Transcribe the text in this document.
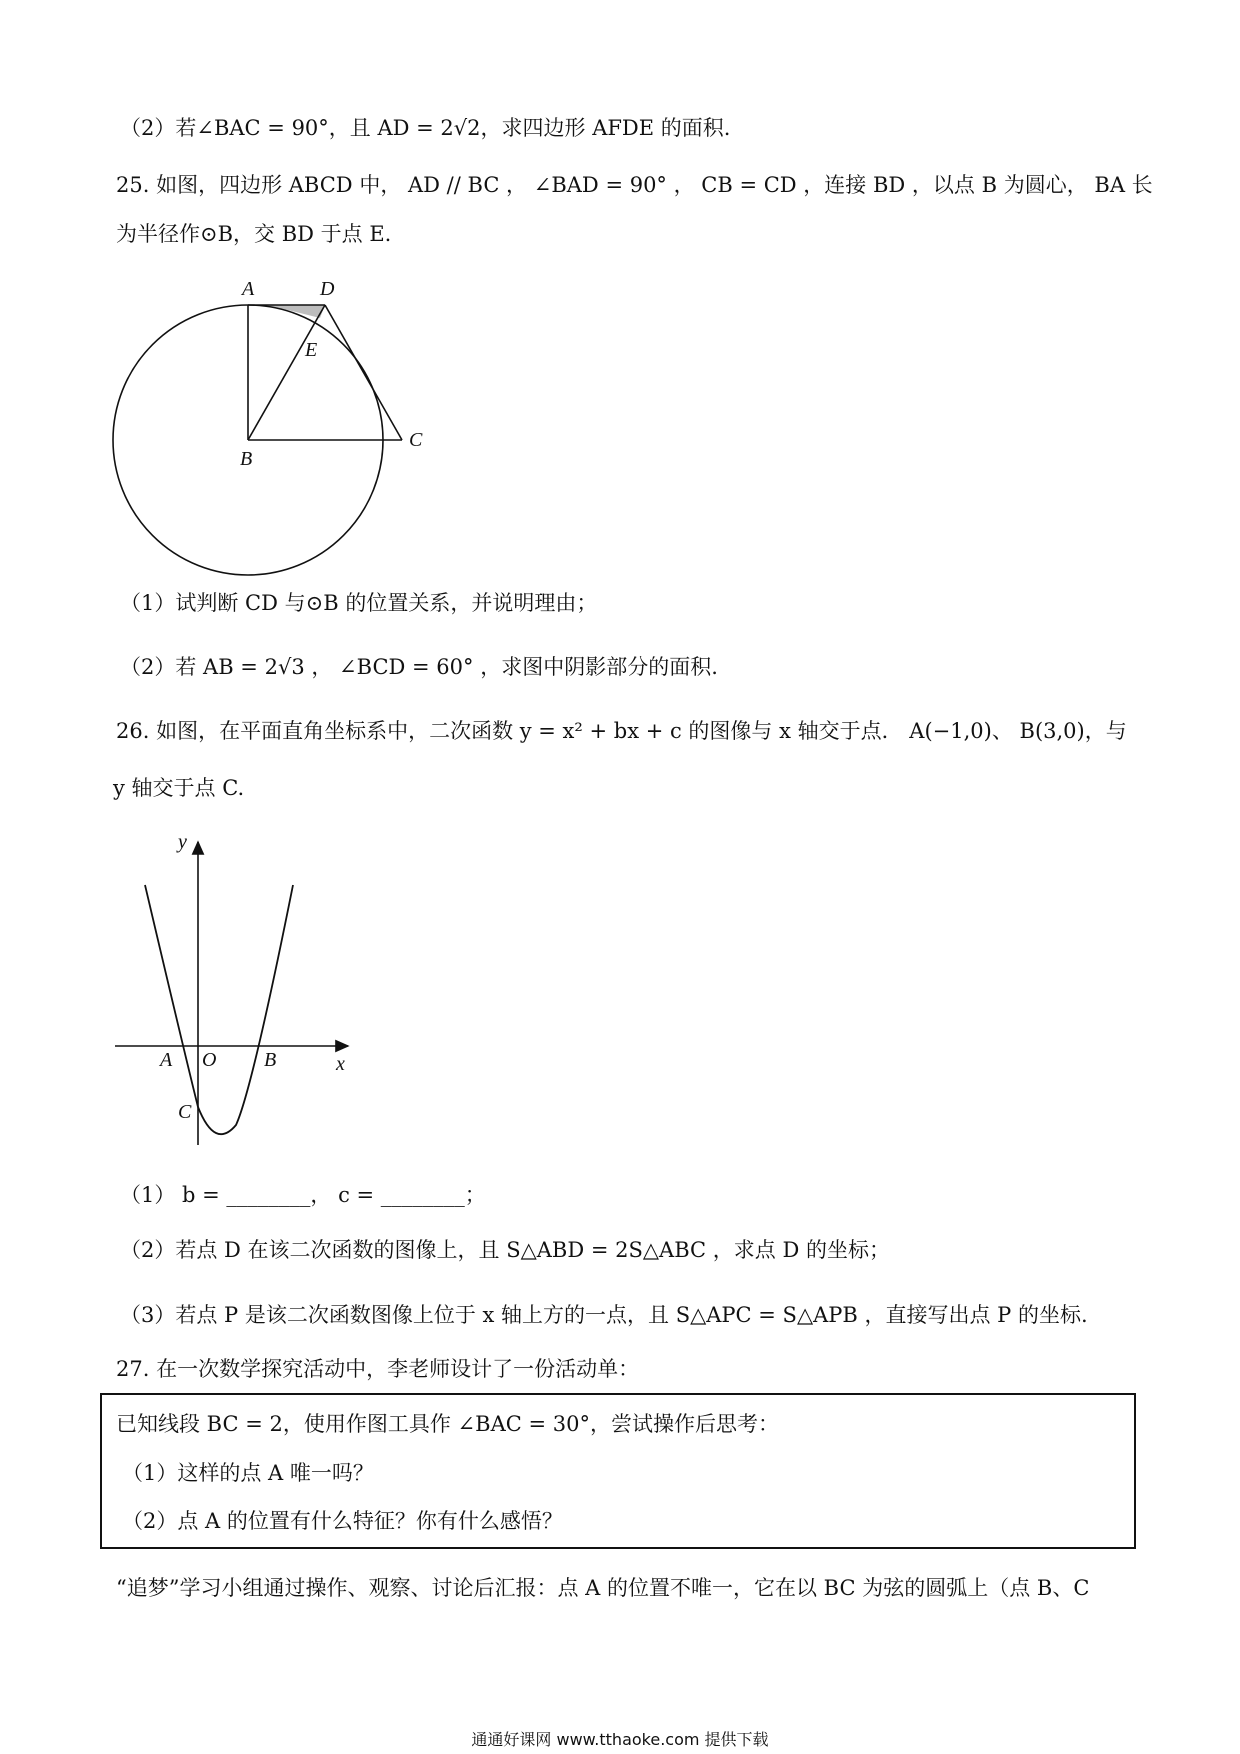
（2）若∠BAC = 90°，且 AD = 2√2，求四边形 AFDE 的面积.
25. 如图，四边形 ABCD 中， AD // BC ， ∠BAD = 90° ， CB = CD ，连接 BD ，以点 B 为圆心， BA 长
为半径作⊙B，交 BD 于点 E.
A	D
E
B
C
（1）试判断 CD 与⊙B 的位置关系，并说明理由；
（2）若 AB = 2√3 ， ∠BCD = 60° ，求图中阴影部分的面积.
26. 如图，在平面直角坐标系中，二次函数 y = x² + bx + c 的图像与 x 轴交于点． A(−1,0)、 B(3,0)，与
y 轴交于点 C.
y
x
A O B
C
（1） b = ________， c = ________；
（2）若点 D 在该二次函数的图像上，且 S△ABD = 2S△ABC ，求点 D 的坐标；
（3）若点 P 是该二次函数图像上位于 x 轴上方的一点，且 S△APC = S△APB ，直接写出点 P 的坐标.
27. 在一次数学探究活动中，李老师设计了一份活动单：
已知线段 BC = 2，使用作图工具作 ∠BAC = 30°，尝试操作后思考：
（1）这样的点 A 唯一吗？
（2）点 A 的位置有什么特征？你有什么感悟？
“追梦”学习小组通过操作、观察、讨论后汇报：点 A 的位置不唯一，它在以 BC 为弦的圆弧上（点 B、C
通通好课网 www.tthaoke.com 提供下载
